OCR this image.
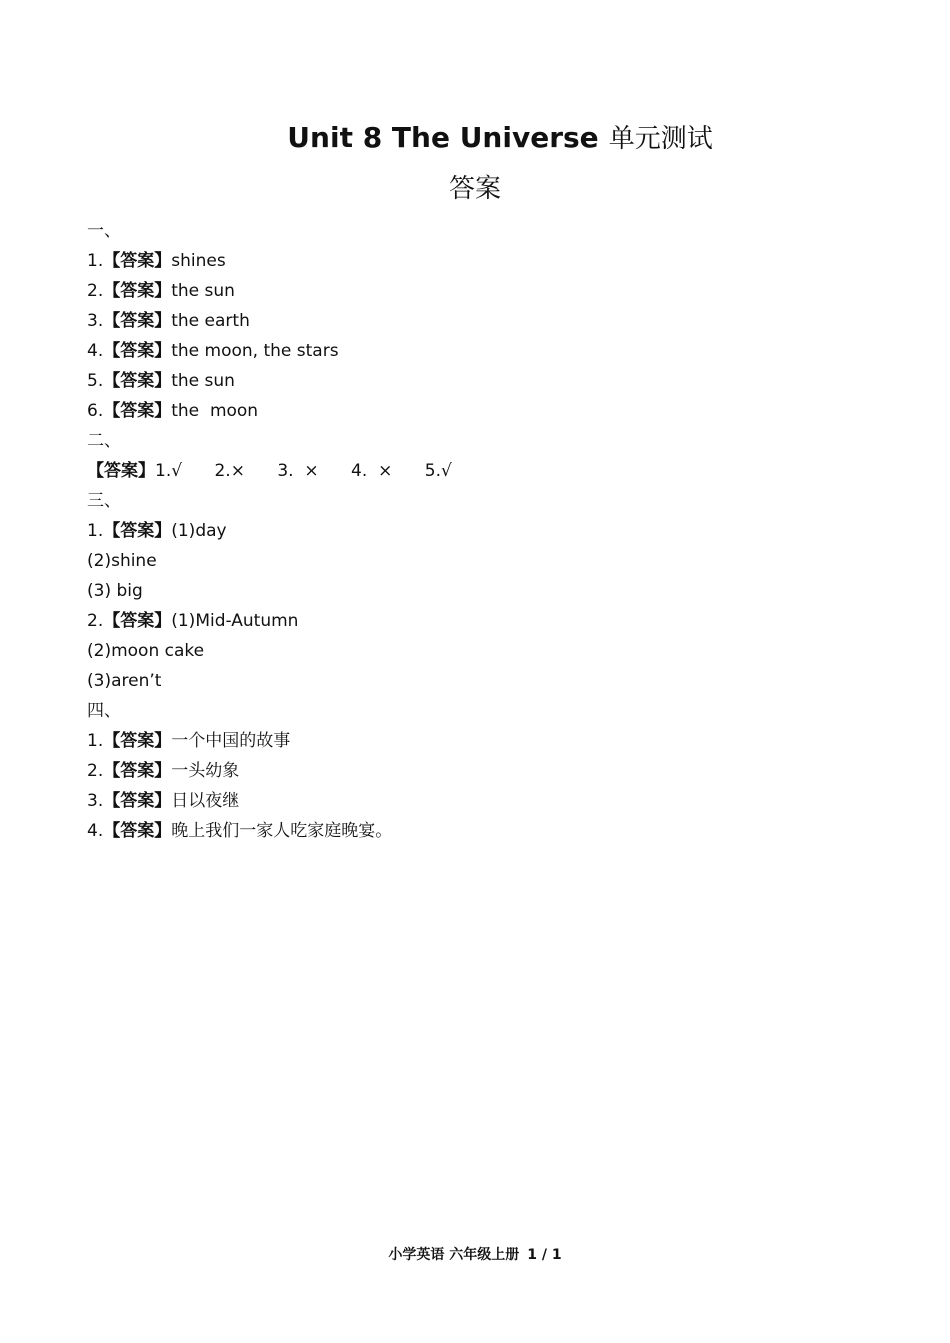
Unit 8 The Universe 单元测试
答案
一、
1.【答案】shines
2.【答案】the sun
3.【答案】the earth
4.【答案】the moon, the stars
5.【答案】the sun
6.【答案】the  moon
二、
【答案】1.√      2.×      3.  ×      4.  ×      5.√
三、
1.【答案】(1)day
(2)shine
(3) big
2.【答案】(1)Mid-Autumn
(2)moon cake
(3)aren’t
四、
1.【答案】一个中国的故事
2.【答案】一头幼象
3.【答案】日以夜继
4.【答案】晚上我们一家人吃家庭晚宴。
小学英语 六年级上册 1 / 1
